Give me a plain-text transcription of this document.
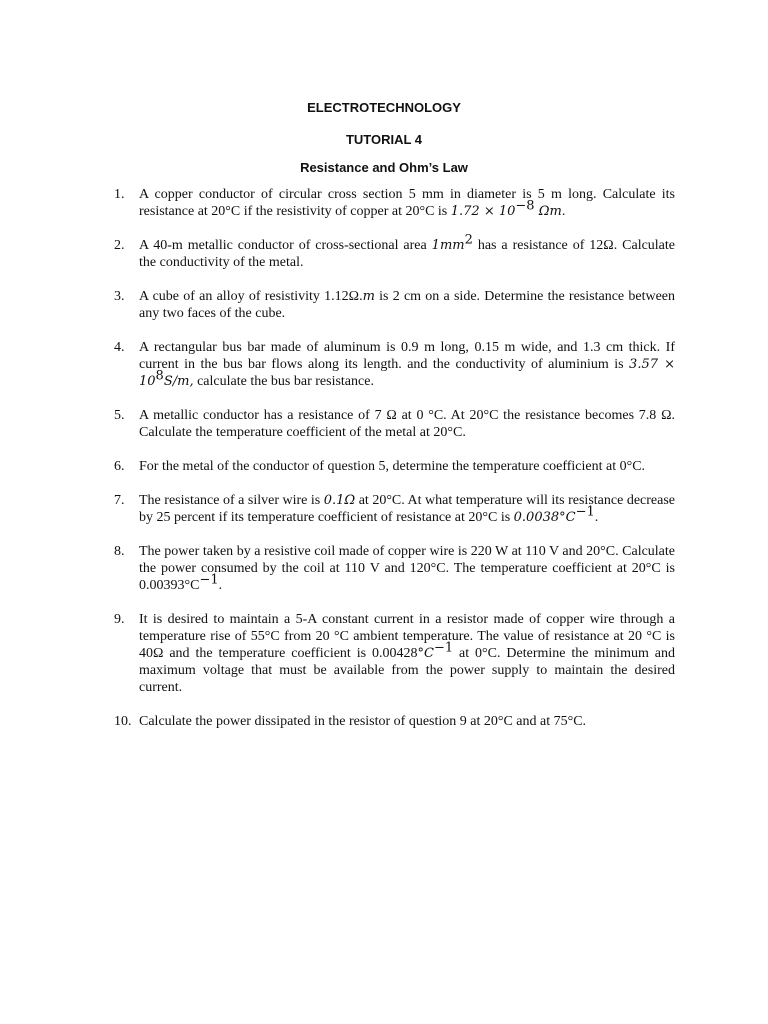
ELECTROTECHNOLOGY
TUTORIAL 4
Resistance and Ohm’s Law
1.	A copper conductor of circular cross section 5 mm in diameter is 5 m long. Calculate its resistance at 20°C if the resistivity of copper at 20°C is $1.72 \times 10^{-8}$ Ωm.
2.	A 40-m metallic conductor of cross-sectional area $1mm^2$ has a resistance of 12Ω. Calculate the conductivity of the metal.
3.	A cube of an alloy of resistivity 1.12Ω.m is 2 cm on a side. Determine the resistance between any two faces of the cube.
4.	A rectangular bus bar made of aluminum is 0.9 m long, 0.15 m wide, and 1.3 cm thick. If current in the bus bar flows along its length. and the conductivity of aluminium is $3.57 \times 10^8S/m$, calculate the bus bar resistance.
5.	A metallic conductor has a resistance of 7 Ω at 0 °C. At 20°C the resistance becomes 7.8 Ω. Calculate the temperature coefficient of the metal at 20°C.
6.	For the metal of the conductor of question 5, determine the temperature coefficient at 0°C.
7.	The resistance of a silver wire is 0.1Ω at 20°C. At what temperature will its resistance decrease by 25 percent if its temperature coefficient of resistance at 20°C is $0.0038^\circ C^{-1}$.
8.	The power taken by a resistive coil made of copper wire is 220 W at 110 V and 20°C. Calculate the power consumed by the coil at 110 V and 120°C. The temperature coefficient at 20°C is $0.00393^\circ C^{-1}$.
9.	It is desired to maintain a 5-A constant current in a resistor made of copper wire through a temperature rise of 55°C from 20 °C ambient temperature. The value of resistance at 20 °C is 40Ω and the temperature coefficient is $0.00428^\circ C^{-1}$ at 0°C. Determine the minimum and maximum voltage that must be available from the power supply to maintain the desired current.
10. Calculate the power dissipated in the resistor of question 9 at 20°C and at 75°C.
